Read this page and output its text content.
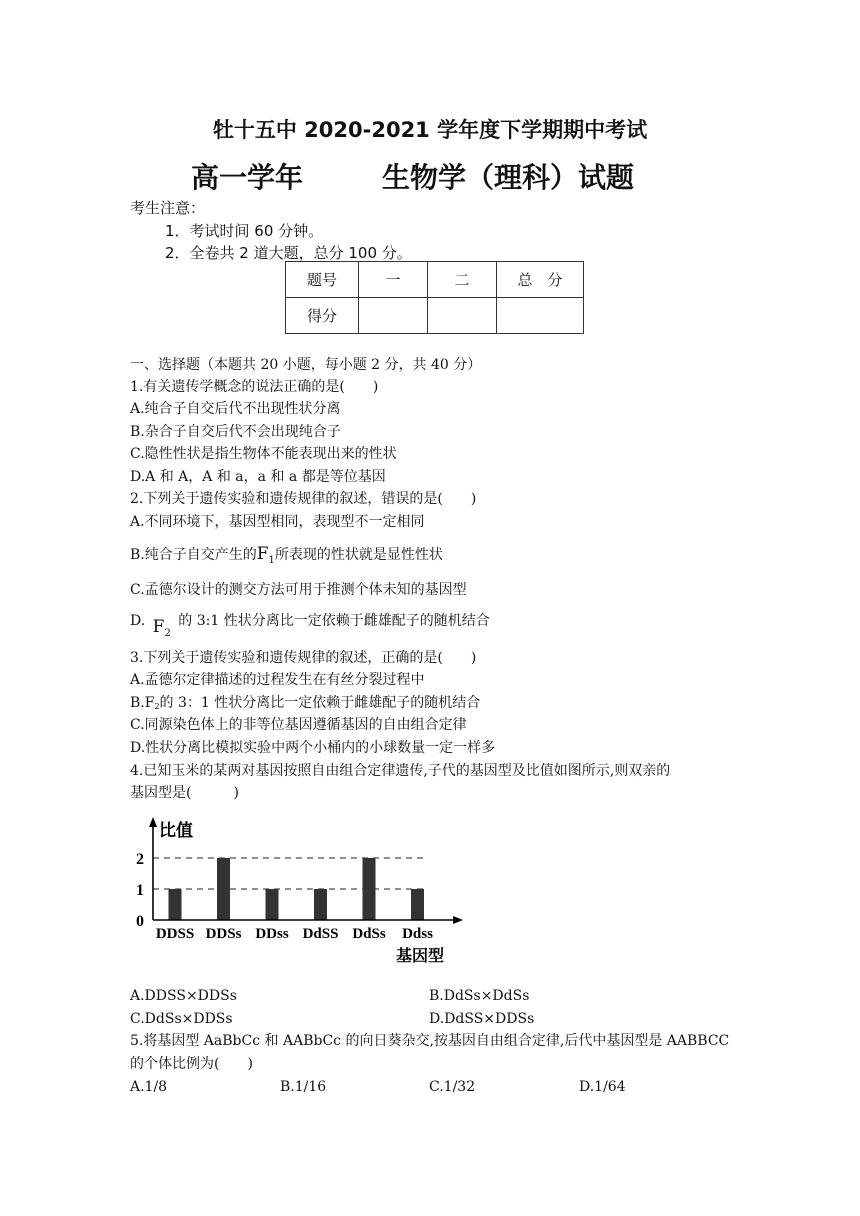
牡十五中 2020-2021 学年度下学期期中考试
高一学年	生物学（理科）试题
考生注意：
1．考试时间 60 分钟。
2．全卷共 2 道大题，总分 100 分。
题号	一	二	总　分
得分			
一、选择题（本题共 20 小题，每小题 2 分，共 40 分）
1.有关遗传学概念的说法正确的是(　　)
A.纯合子自交后代不出现性状分离
B.杂合子自交后代不会出现纯合子
C.隐性性状是指生物体不能表现出来的性状
D.A 和 A，A 和 a，a 和 a 都是等位基因
2.下列关于遗传实验和遗传规律的叙述，错误的是(　　)
A.不同环境下，基因型相同，表现型不一定相同
B.纯合子自交产生的$F_1$所表现的性状就是显性性状
C.孟德尔设计的测交方法可用于推测个体未知的基因型
D. $F_2$ 的 3:1 性状分离比一定依赖于雌雄配子的随机结合
3.下列关于遗传实验和遗传规律的叙述，正确的是(　　)
A.孟德尔定律描述的过程发生在有丝分裂过程中
$B.F_2$的 3：1 性状分离比一定依赖于雌雄配子的随机结合
C.同源染色体上的非等位基因遵循基因的自由组合定律
D.性状分离比模拟实验中两个小桶内的小球数量一定一样多
4.已知玉米的某两对基因按照自由组合定律遗传,子代的基因型及比值如图所示,则双亲的
基因型是(　　　)
比值
0
1
2
DDSS DDSs DDss DdSS DdSs Ddss
基因型
A.DDSS×DDSs	B.DdSs×DdSs
C.DdSs×DDSs	D.DdSS×DDSs
5.将基因型 AaBbCc 和 AABbCc 的向日葵杂交,按基因自由组合定律,后代中基因型是 AABBCC
的个体比例为(　　)
A.1/8	B.1/16	C.1/32	D.1/64
